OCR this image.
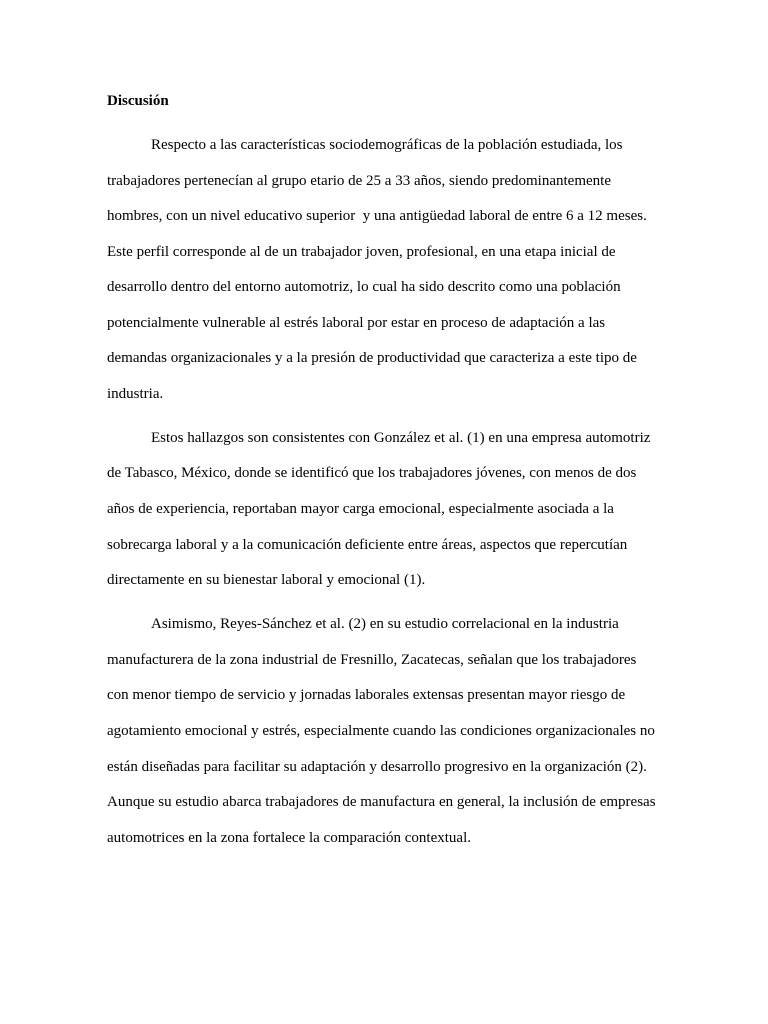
Discusión
Respecto a las características sociodemográficas de la población estudiada, los
trabajadores pertenecían al grupo etario de 25 a 33 años, siendo predominantemente
hombres, con un nivel educativo superior  y una antigüedad laboral de entre 6 a 12 meses.
Este perfil corresponde al de un trabajador joven, profesional, en una etapa inicial de
desarrollo dentro del entorno automotriz, lo cual ha sido descrito como una población
potencialmente vulnerable al estrés laboral por estar en proceso de adaptación a las
demandas organizacionales y a la presión de productividad que caracteriza a este tipo de
industria.
Estos hallazgos son consistentes con González et al. (1) en una empresa automotriz
de Tabasco, México, donde se identificó que los trabajadores jóvenes, con menos de dos
años de experiencia, reportaban mayor carga emocional, especialmente asociada a la
sobrecarga laboral y a la comunicación deficiente entre áreas, aspectos que repercutían
directamente en su bienestar laboral y emocional (1).
Asimismo, Reyes-Sánchez et al. (2) en su estudio correlacional en la industria
manufacturera de la zona industrial de Fresnillo, Zacatecas, señalan que los trabajadores
con menor tiempo de servicio y jornadas laborales extensas presentan mayor riesgo de
agotamiento emocional y estrés, especialmente cuando las condiciones organizacionales no
están diseñadas para facilitar su adaptación y desarrollo progresivo en la organización (2).
Aunque su estudio abarca trabajadores de manufactura en general, la inclusión de empresas
automotrices en la zona fortalece la comparación contextual.
